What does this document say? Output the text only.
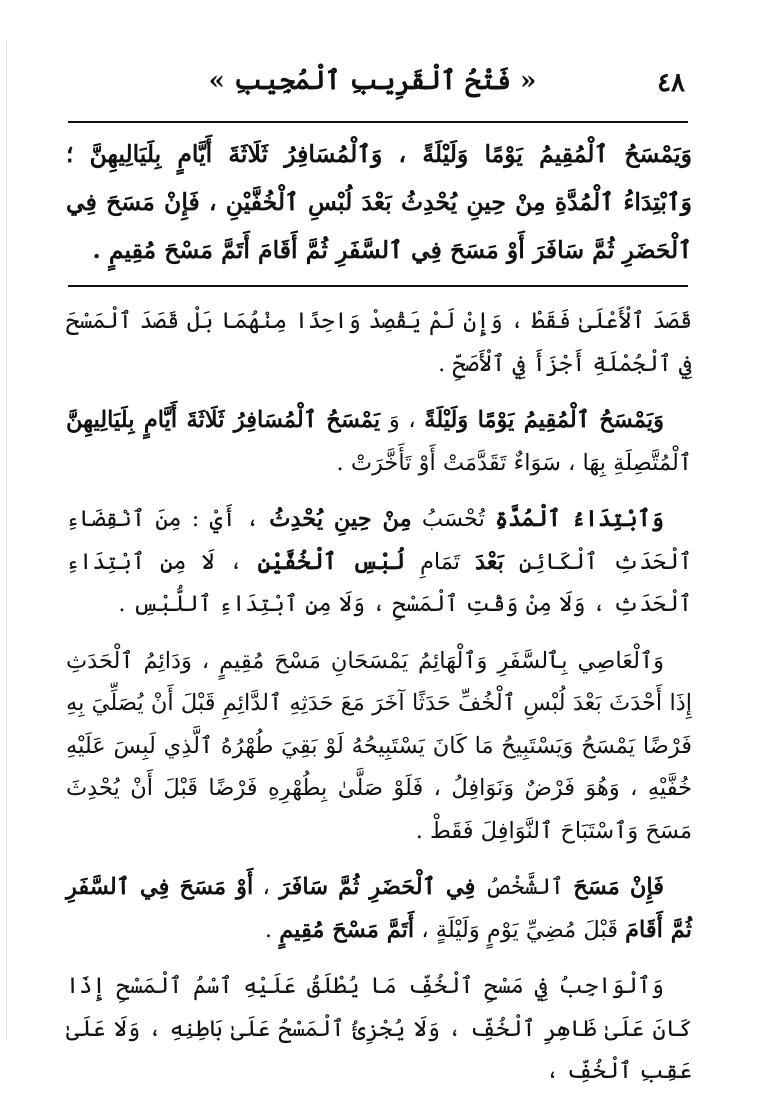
٤٨
« فَتْحُ ٱلْقَرِيبِ ٱلْمُجِيبِ »
وَيَمْسَحُ ٱلْمُقِيمُ يَوْمًا وَلَيْلَةً ، وَٱلْمُسَافِرُ ثَلَاثَةَ أَيَّامٍ بِلَيَالِيهِنَّ ؛ وَٱبْتِدَاءُ ٱلْمُدَّةِ مِنْ حِينِ يُحْدِثُ بَعْدَ لُبْسِ ٱلْخُفَّيْنِ ، فَإِنْ مَسَحَ فِي ٱلْحَضَرِ ثُمَّ سَافَرَ أَوْ مَسَحَ فِي ٱلسَّفَرِ ثُمَّ أَقَامَ أَتَمَّ مَسْحَ مُقِيمٍ .

قَصَدَ ٱلْأَعْلَىٰ فَقَطْ ، وَإِنْ لَمْ يَقْصِدْ وَاحِدًا مِنْهُمَا بَلْ قَصَدَ ٱلْمَسْحَ فِي ٱلْجُمْلَةِ أَجْزَأَ فِي ٱلْأَصَحِّ .

وَيَمْسَحُ ٱلْمُقِيمُ يَوْمًا وَلَيْلَةً ، وَ يَمْسَحُ ٱلْمُسَافِرُ ثَلَاثَةَ أَيَّامٍ بِلَيَالِيهِنَّ ٱلْمُتَّصِلَةِ بِهَا ، سَوَاءٌ تَقَدَّمَتْ أَوْ تَأَخَّرَتْ .

وَٱبْتِدَاءُ ٱلْمُدَّةِ تُحْسَبُ مِنْ حِينِ يُحْدِثُ ، أَيْ : مِنَ ٱنْقِضَاءِ ٱلْحَدَثِ ٱلْكَائِنِ بَعْدَ تَمَامِ لُبْسِ ٱلْخُفَّيْنِ ، لَا مِنِ ٱبْتِدَاءِ ٱلْحَدَثِ ، وَلَا مِنْ وَقْتِ ٱلْمَسْحِ ، وَلَا مِنِ ٱبْتِدَاءِ ٱللُّبْسِ .

وَٱلْعَاصِي بِٱلسَّفَرِ وَٱلْهَائِمُ يَمْسَحَانِ مَسْحَ مُقِيمٍ ، وَدَائِمُ ٱلْحَدَثِ إِذَا أَحْدَثَ بَعْدَ لُبْسِ ٱلْخُفِّ حَدَثًا آخَرَ مَعَ حَدَثِهِ ٱلدَّائِمِ قَبْلَ أَنْ يُصَلِّيَ بِهِ فَرْضًا يَمْسَحُ وَيَسْتَبِيحُ مَا كَانَ يَسْتَبِيحُهُ لَوْ بَقِيَ طُهْرُهُ ٱلَّذِي لَبِسَ عَلَيْهِ خُفَّيْهِ ، وَهُوَ فَرْضٌ وَنَوَافِلُ ، فَلَوْ صَلَّىٰ بِطُهْرِهِ فَرْضًا قَبْلَ أَنْ يُحْدِثَ مَسَحَ وَٱسْتَبَاحَ ٱلنَّوَافِلَ فَقَطْ .

فَإِنْ مَسَحَ ٱلشَّخْصُ فِي ٱلْحَضَرِ ثُمَّ سَافَرَ ، أَوْ مَسَحَ فِي ٱلسَّفَرِ ثُمَّ أَقَامَ قَبْلَ مُضِيِّ يَوْمٍ وَلَيْلَةٍ ، أَتَمَّ مَسْحَ مُقِيمٍ .

وَٱلْوَاجِبُ فِي مَسْحِ ٱلْخُفِّ مَا يُطْلَقُ عَلَيْهِ ٱسْمُ ٱلْمَسْحِ إِذَا كَانَ عَلَىٰ ظَاهِرِ ٱلْخُفِّ ، وَلَا يُجْزِئُ ٱلْمَسْحُ عَلَىٰ بَاطِنِهِ ، وَلَا عَلَىٰ عَقِبِ ٱلْخُفِّ ،
